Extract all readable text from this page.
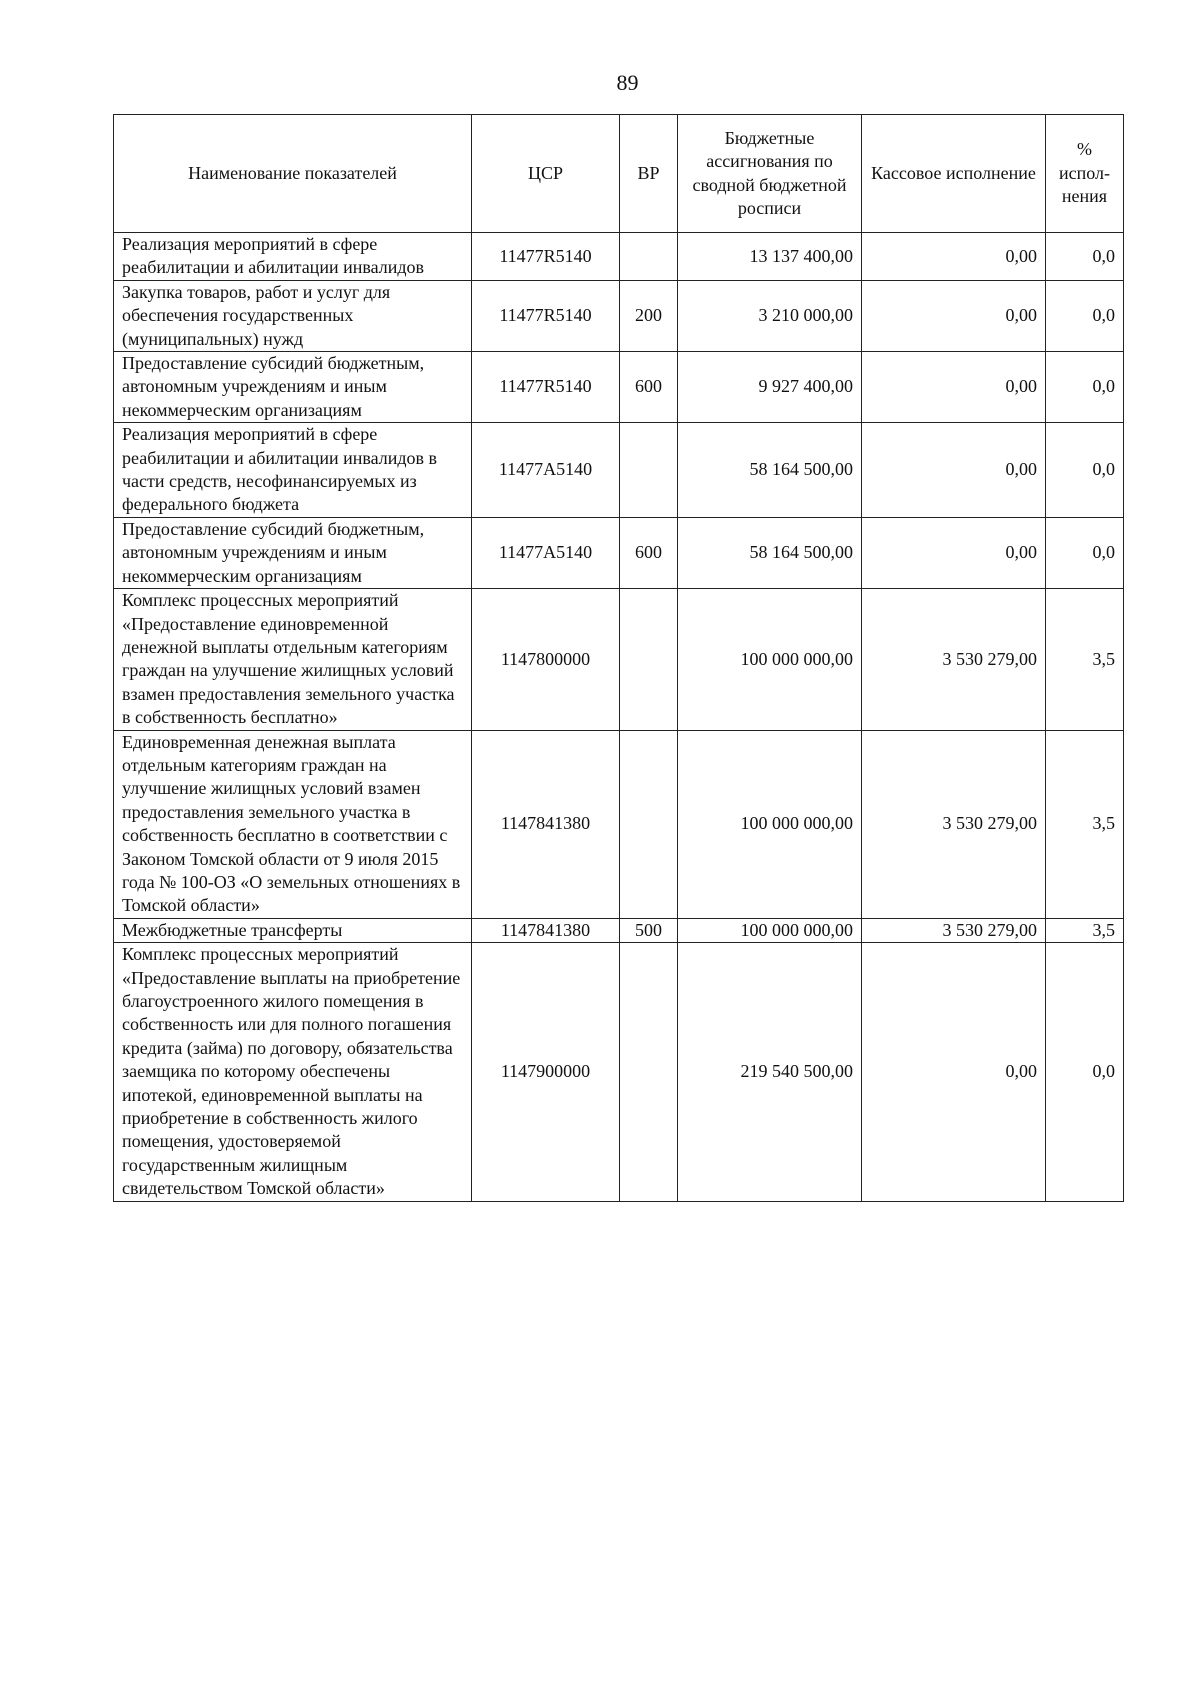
89
Наименование показателей	ЦСР	ВР	Бюджетные ассигнования по сводной бюджетной росписи	Кассовое исполнение	% испол-нения
Реализация мероприятий в сфере реабилитации и абилитации инвалидов	11477R5140		13 137 400,00	0,00	0,0
Закупка товаров, работ и услуг для обеспечения государственных (муниципальных) нужд	11477R5140	200	3 210 000,00	0,00	0,0
Предоставление субсидий бюджетным, автономным учреждениям и иным некоммерческим организациям	11477R5140	600	9 927 400,00	0,00	0,0
Реализация мероприятий в сфере реабилитации и абилитации инвалидов в части средств, несофинансируемых из федерального бюджета	11477A5140		58 164 500,00	0,00	0,0
Предоставление субсидий бюджетным, автономным учреждениям и иным некоммерческим организациям	11477A5140	600	58 164 500,00	0,00	0,0
Комплекс процессных мероприятий «Предоставление единовременной денежной выплаты отдельным категориям граждан на улучшение жилищных условий взамен предоставления земельного участка в собственность бесплатно»	1147800000		100 000 000,00	3 530 279,00	3,5
Единовременная денежная выплата отдельным категориям граждан на улучшение жилищных условий взамен предоставления земельного участка в собственность бесплатно в соответствии с Законом Томской области от 9 июля 2015 года № 100-ОЗ «О земельных отношениях в Томской области»	1147841380		100 000 000,00	3 530 279,00	3,5
Межбюджетные трансферты	1147841380	500	100 000 000,00	3 530 279,00	3,5
Комплекс процессных мероприятий «Предоставление выплаты на приобретение благоустроенного жилого помещения в собственность или для полного погашения кредита (займа) по договору, обязательства заемщика по которому обеспечены ипотекой, единовременной выплаты на приобретение в собственность жилого помещения, удостоверяемой государственным жилищным свидетельством Томской области»	1147900000		219 540 500,00	0,00	0,0
